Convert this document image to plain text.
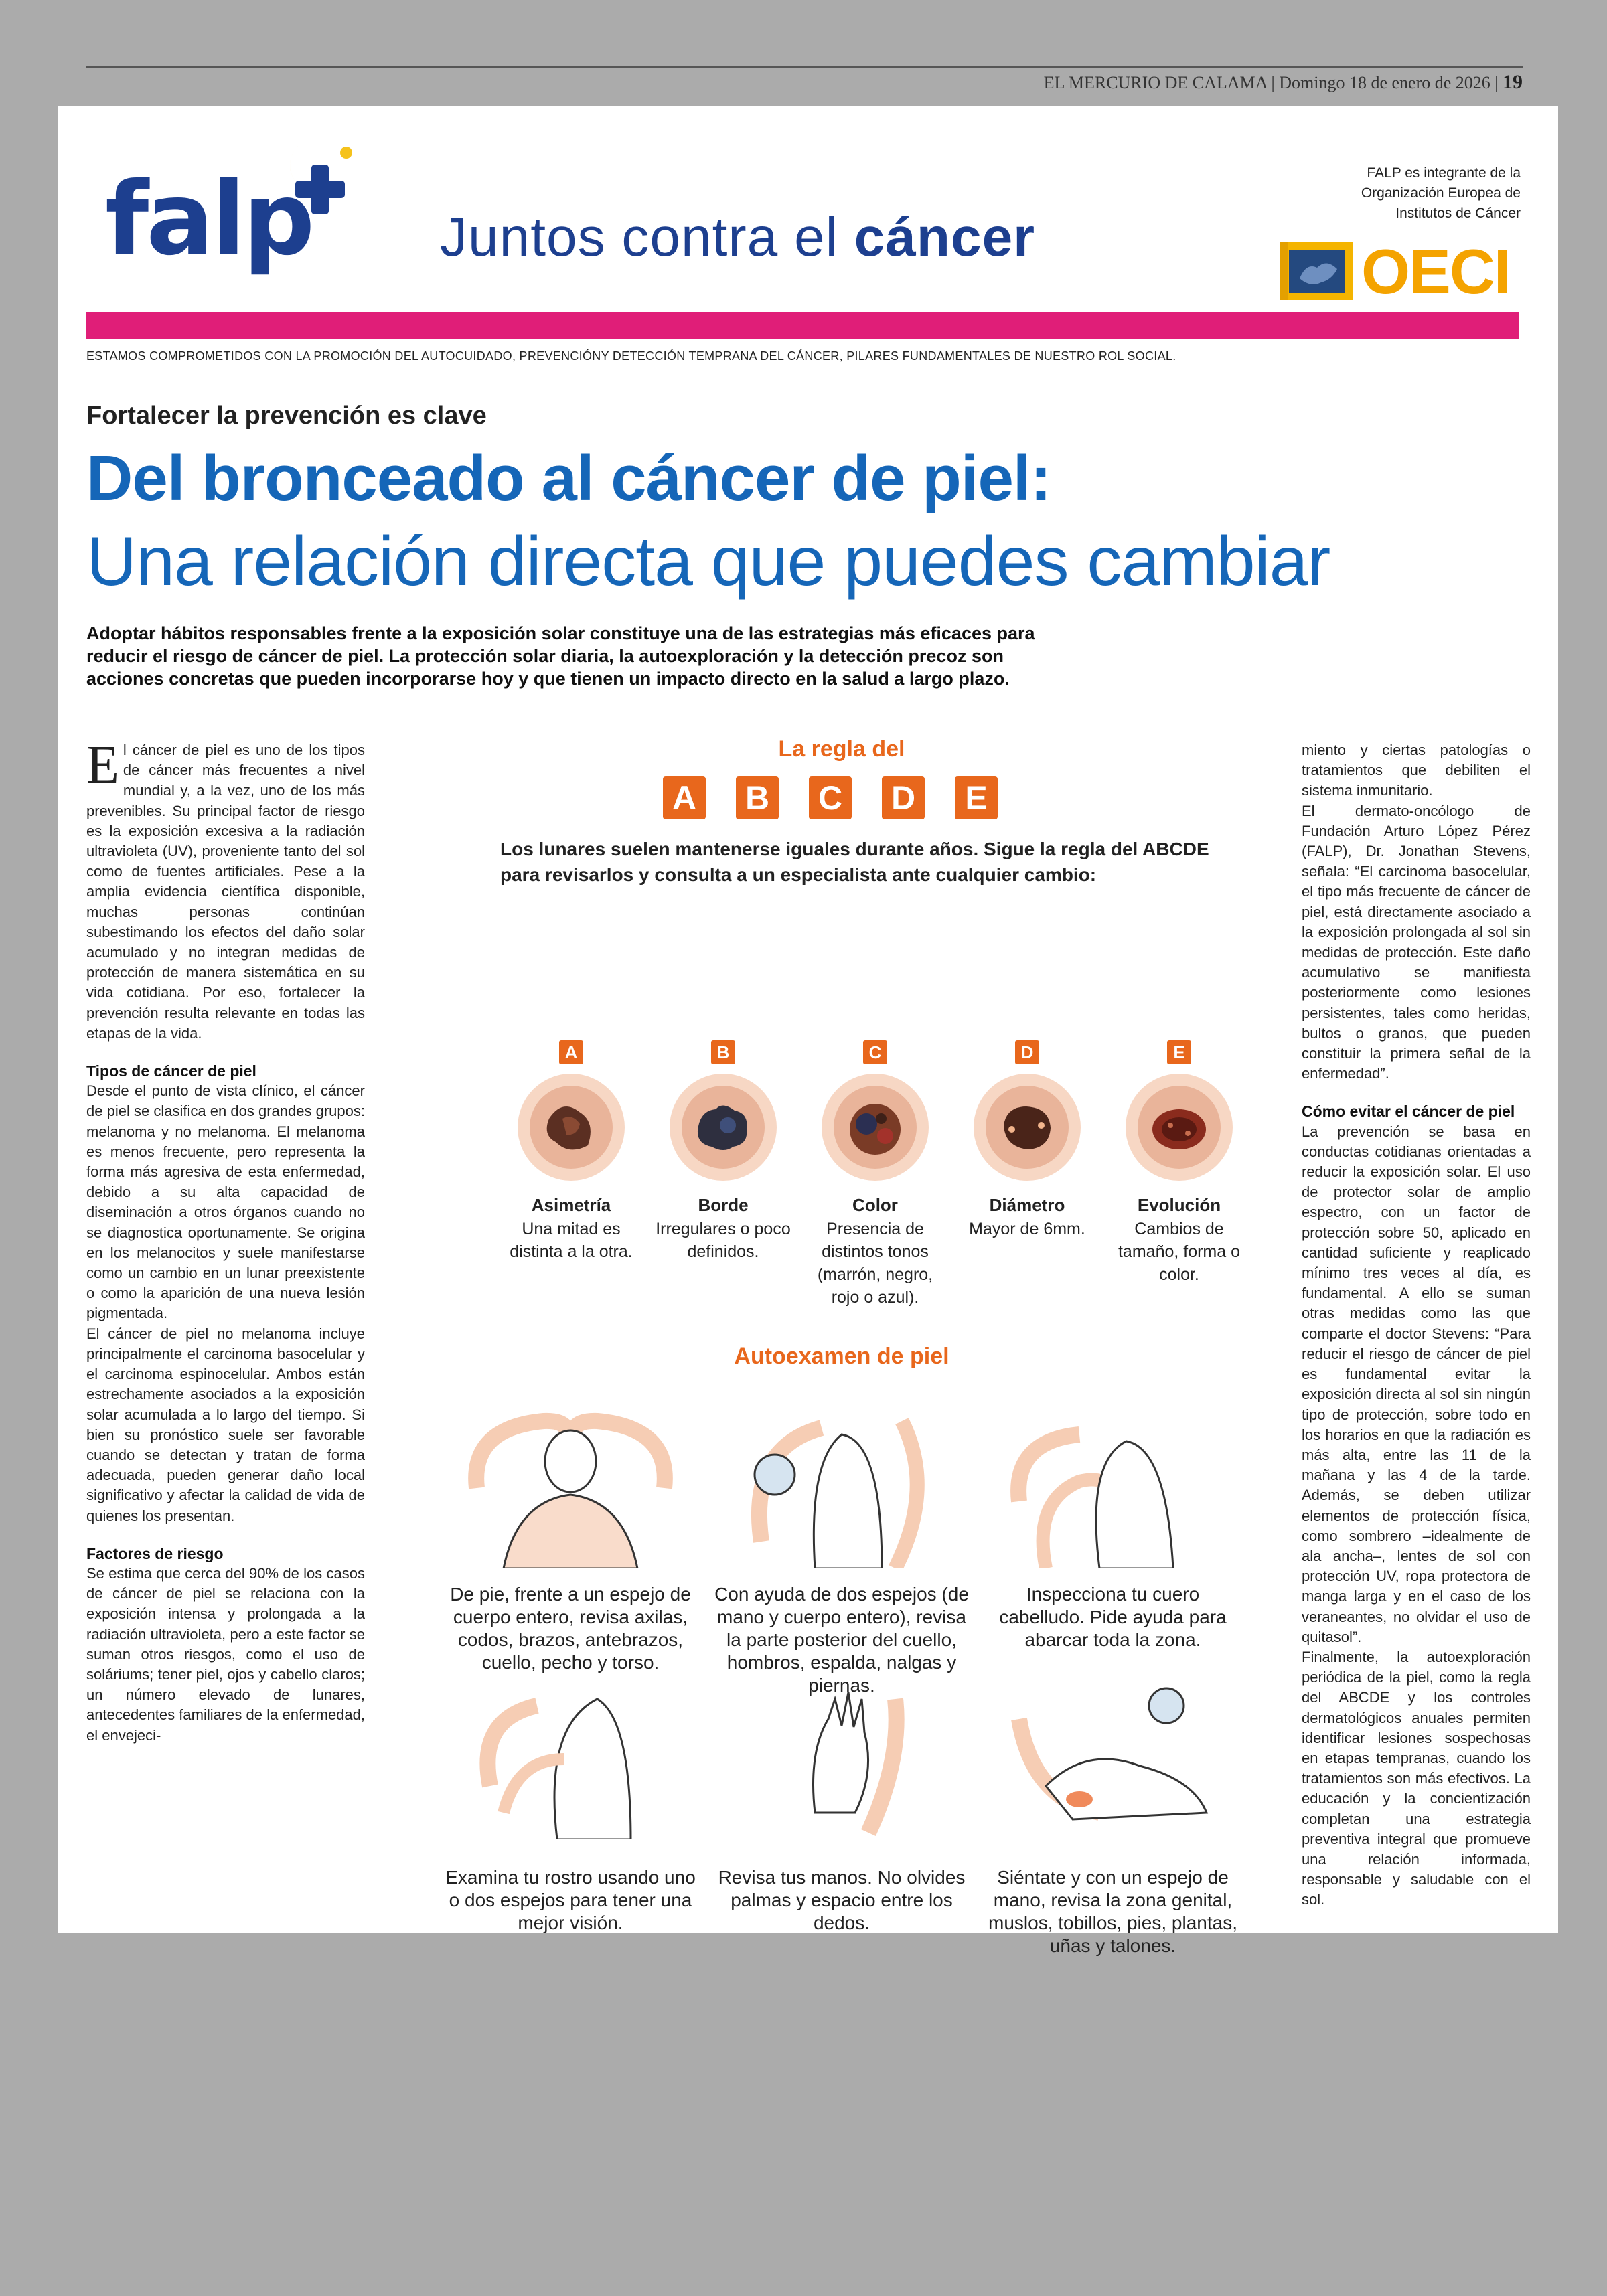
EL MERCURIO DE CALAMA | Domingo 18 de enero de 2026 | 19
falp Juntos contra el cáncer
FALP es integrante de la Organización Europea de Institutos de Cáncer
OECI
ESTAMOS COMPROMETIDOS CON LA PROMOCIÓN DEL AUTOCUIDADO, PREVENCIÓNY DETECCIÓN TEMPRANA DEL CÁNCER, PILARES FUNDAMENTALES DE NUESTRO ROL SOCIAL.
Fortalecer la prevención es clave
Del bronceado al cáncer de piel:
Una relación directa que puedes cambiar
Adoptar hábitos responsables frente a la exposición solar constituye una de las estrategias más eficaces para reducir el riesgo de cáncer de piel. La protección solar diaria, la autoexploración y la detección precoz son acciones concretas que pueden incorporarse hoy y que tienen un impacto directo en la salud a largo plazo.

El cáncer de piel es uno de los tipos de cáncer más frecuentes a nivel mundial y, a la vez, uno de los más prevenibles. Su principal factor de riesgo es la exposición excesiva a la radiación ultravioleta (UV), proveniente tanto del sol como de fuentes artificiales. Pese a la amplia evidencia científica disponible, muchas personas continúan subestimando los efectos del daño solar acumulado y no integran medidas de protección de manera sistemática en su vida cotidiana. Por eso, fortalecer la prevención resulta relevante en todas las etapas de la vida.

Tipos de cáncer de piel

Desde el punto de vista clínico, el cáncer de piel se clasifica en dos grandes grupos: melanoma y no melanoma. El melanoma es menos frecuente, pero representa la forma más agresiva de esta enfermedad, debido a su alta capacidad de diseminación a otros órganos cuando no se diagnostica oportunamente. Se origina en los melanocitos y suele manifestarse como un cambio en un lunar preexistente o como la aparición de una nueva lesión pigmentada.

El cáncer de piel no melanoma incluye principalmente el carcinoma basocelular y el carcinoma espinocelular. Ambos están estrechamente asociados a la exposición solar acumulada a lo largo del tiempo. Si bien su pronóstico suele ser favorable cuando se detectan y tratan de forma adecuada, pueden generar daño local significativo y afectar la calidad de vida de quienes los presentan.

Factores de riesgo

Se estima que cerca del 90% de los casos de cáncer de piel se relaciona con la exposición intensa y prolongada a la radiación ultravioleta, pero a este factor se suman otros riesgos, como el uso de soláriums; tener piel, ojos y cabello claros; un número elevado de lunares, antecedentes familiares de la enfermedad, el envejeci-

miento y ciertas patologías o tratamientos que debiliten el sistema inmunitario.

El dermato-oncólogo de Fundación Arturo López Pérez (FALP), Dr. Jonathan Stevens, señala: “El carcinoma basocelular, el tipo más frecuente de cáncer de piel, está directamente asociado a la exposición prolongada al sol sin medidas de protección. Este daño acumulativo se manifiesta posteriormente como lesiones persistentes, tales como heridas, bultos o granos, que pueden constituir la primera señal de la enfermedad”.

Cómo evitar el cáncer de piel

La prevención se basa en conductas cotidianas orientadas a reducir la exposición solar. El uso de protector solar de amplio espectro, con un factor de protección sobre 50, aplicado en cantidad suficiente y reaplicado mínimo tres veces al día, es fundamental. A ello se suman otras medidas como las que comparte el doctor Stevens: “Para reducir el riesgo de cáncer de piel es fundamental evitar la exposición directa al sol sin ningún tipo de protección, sobre todo en los horarios en que la radiación es más alta, entre las 11 de la mañana y las 4 de la tarde. Además, se deben utilizar elementos de protección física, como sombrero –idealmente de ala ancha–, lentes de sol con protección UV, ropa protectora de manga larga y en el caso de los veraneantes, no olvidar el uso de quitasol”.

Finalmente, la autoexploración periódica de la piel, como la regla del ABCDE y los controles dermatológicos anuales permiten identificar lesiones sospechosas en etapas tempranas, cuando los tratamientos son más efectivos. La educación y la concientización completan una estrategia preventiva integral que promueve una relación informada, responsable y saludable con el sol.

La regla del
A B C D	E
Los lunares suelen mantenerse iguales durante años. Sigue la regla del ABCDE para revisarlos y consulta a un especialista ante cualquier cambio:
A
Asimetría
Una mitad es distinta a la otra.
B
Borde
Irregulares o poco definidos.
C
Color
Presencia de distintos tonos (marrón, negro, rojo o azul).
D
Diámetro
Mayor de 6mm.
E
Evolución
Cambios de tamaño, forma o color.
Autoexamen de piel
De pie, frente a un espejo de cuerpo entero, revisa axilas, codos, brazos, antebrazos, cuello, pecho y torso.
Con ayuda de dos espejos (de mano y cuerpo entero), revisa la parte posterior del cuello, hombros, espalda, nalgas y piernas.
Inspecciona tu cuero cabelludo. Pide ayuda para abarcar toda la zona.
Examina tu rostro usando uno o dos espejos para tener una mejor visión.
Revisa tus manos. No olvides palmas y espacio entre los dedos.
Siéntate y con un espejo de mano, revisa la zona genital, muslos, tobillos, pies, plantas, uñas y talones.
